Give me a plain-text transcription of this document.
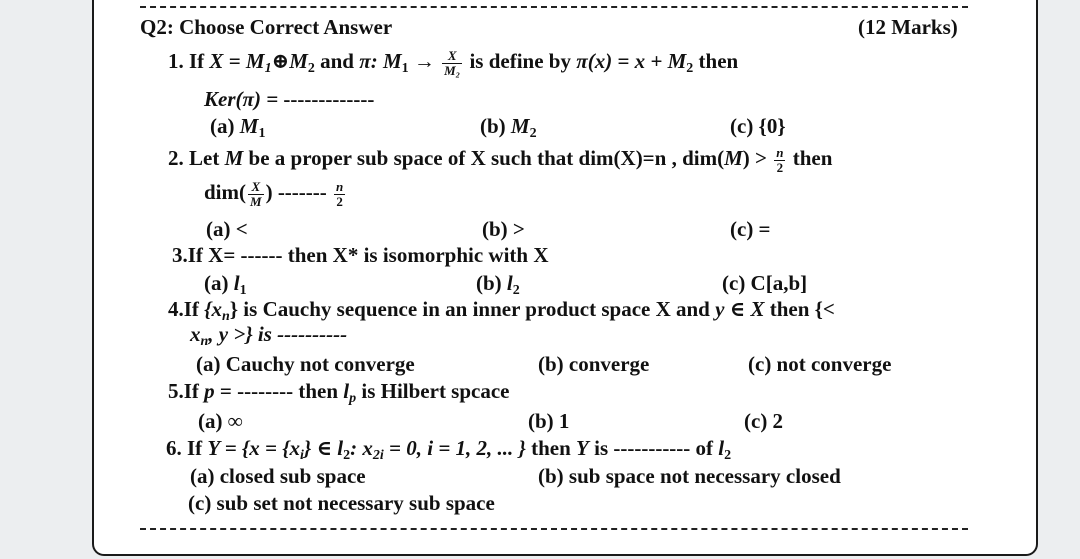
Q2: Choose Correct Answer	(12 Marks)
1. If $X = M_1\oplus M_2$ and π: $M_1 \to \frac{X}{\text{M₂}}$ is define by $\pi(x) = x + M_2$ then
Ker(π) = -------------
(a) $M_1$	(b) $M_2$	(c) {0}
2. Let M be a proper sub space of X such that dim(X)=n , $dim(M) > \frac{n}{2}$ then
$dim( \frac{X}{M}$ ) ------- $\frac{n}{2}$
(a) <	(b) >	(c) =
3.If X= ------ then X* is isomorphic with X
(a) $l_1$	(b) $l_2$	(c) C[a,b]
4.If $\{x_n\}$ is Cauchy sequence in an inner product space X and y ∈ X then {<
$x_n$, y >} is ----------
(a) Cauchy not converge	(b) converge	(c) not converge
5.If p = -------- then $l_p$ is Hilbert spcace
(a) ∞	(b) 1	(c) 2
6. If $Y = \{x = \{x_i\}$ ∈ $l_2$: $x_{2i} = 0$, i = 1, 2, ... } then Y is ----------- of $l_2$
(a) closed sub space	(b) sub space not necessary closed
(c) sub set not necessary sub space
